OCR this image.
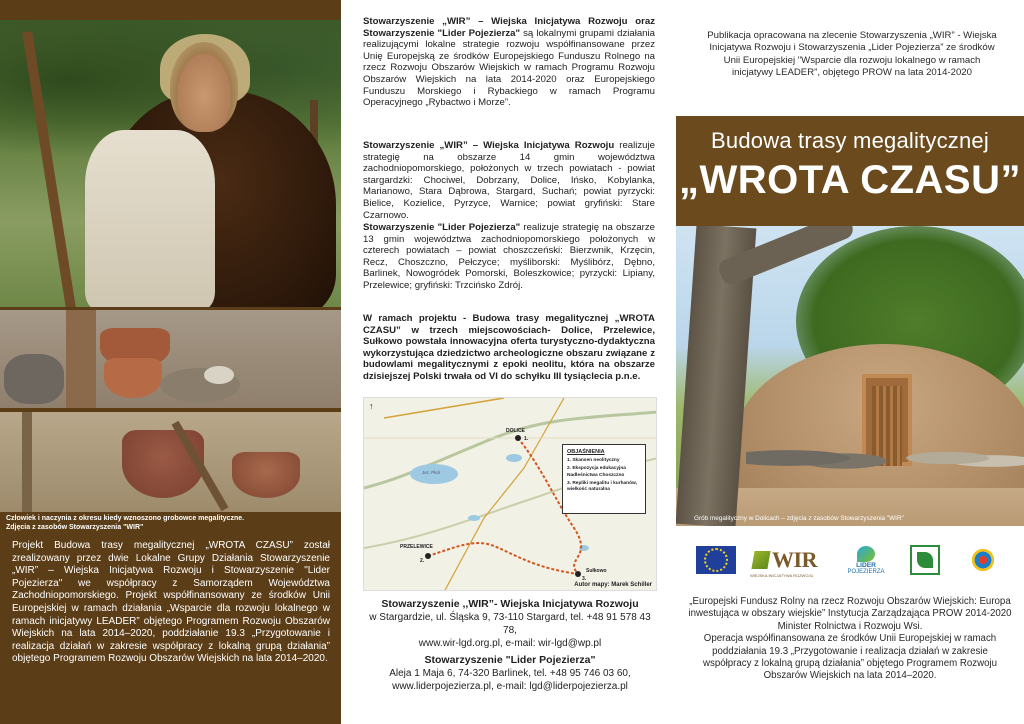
Człowiek i naczynia z okresu kiedy wznoszono grobowce megalityczne.
Zdjęcia z zasobów Stowarzyszenia "WIR"
Projekt Budowa trasy megalitycznej „WROTA CZASU” został zrealizowany przez dwie Lokalne Grupy Działania Stowarzyszenie „WIR” – Wiejska Inicjatywa Rozwoju i Stowarzyszenie "Lider Pojezierza" we współpracy z Samorządem Województwa Zachodniopomorskiego. Projekt współfinansowany ze środków Unii Europejskiej w ramach działania „Wsparcie dla rozwoju lokalnego w ramach inicjatywy LEADER” objętego Programem Rozwoju Obszarów Wiejskich na lata 2014–2020, poddziałanie 19.3 „Przygotowanie i realizacja działań w zakresie współpracy z lokalną grupą działania” objętego Programem Rozwoju Obszarów Wiejskich na lata 2014–2020.
Stowarzyszenie „WIR” – Wiejska Inicjatywa Rozwoju oraz Stowarzyszenie "Lider Pojezierza" są lokalnymi grupami działania realizującymi lokalne strategie rozwoju współfinansowane przez Unię Europejską ze środków Europejskiego Funduszu Rolnego na rzecz Rozwoju Obszarów Wiejskich w ramach Programu Rozwoju Obszarów Wiejskich na lata 2014-2020 oraz Europejskiego Funduszu Morskiego i Rybackiego w ramach Programu Operacyjnego „Rybactwo i Morze”.
Stowarzyszenie „WIR” – Wiejska Inicjatywa Rozwoju realizuje strategię na obszarze 14 gmin województwa zachodniopomorskiego, położonych w trzech powiatach - powiat stargardzki: Chociwel, Dobrzany, Dolice, Ińsko, Kobylanka, Marianowo, Stara Dąbrowa, Stargard, Suchań; powiat pyrzycki: Bielice, Kozielice, Pyrzyce, Warnice; powiat gryfiński: Stare Czarnowo.
Stowarzyszenie "Lider Pojezierza" realizuje strategię na obszarze 13 gmin województwa zachodniopomorskiego położonych w czterech powiatach – powiat choszczeński: Bierzwnik, Krzęcin, Recz, Choszczno, Pełczyce; myśliborski: Myślibórz, Dębno, Barlinek, Nowogródek Pomorski, Boleszkowice; pyrzycki: Lipiany, Przelewice; gryfiński: Trzcińsko Zdrój.
W ramach projektu - Budowa trasy megalitycznej „WROTA CZASU” w trzech miejscowościach- Dolice, Przelewice, Sułkowo powstała innowacyjna oferta turystyczno-dydaktyczna wykorzystująca dziedzictwo archeologiczne obszaru związane z budowlami megalitycznymi z epoki neolitu, która na obszarze dzisiejszej Polski trwała od VI do schyłku III tysiąclecia p.n.e.
↑
DOLICE
1.
PRZELEWICE
2.
Sułkowo
3.
Jez. Płoń
OBJAŚNIENIA
1. Skansen neolityczny
2. Ekspozycja edukacyjna Nadleśnictwa Choszczno
3. Repliki megalitu i kurhanów, wielkość naturalna
Autor mapy: Marek Schiller
Stowarzyszenie ,,WIR”- Wiejska Inicjatywa Rozwoju
w Stargardzie, ul. Śląska 9, 73-110 Stargard, tel. +48 91 578 43 78,
www.wir-lgd.org.pl, e-mail: wir-lgd@wp.pl
Stowarzyszenie "Lider Pojezierza"
Aleja 1 Maja 6, 74-320 Barlinek, tel. +48 95 746 03 60,
www.liderpojezierza.pl, e-mail: lgd@liderpojezierza.pl
Publikacja opracowana na zlecenie Stowarzyszenia „WIR” - Wiejska Inicjatywa Rozwoju i Stowarzyszenia „Lider Pojezierza” ze środków Unii Europejskiej "Wsparcie dla rozwoju lokalnego w ramach inicjatywy LEADER”, objętego PROW na lata 2014-2020
Budowa trasy megalitycznej
„WROTA CZASU”
Grób megalityczny w Dolicach – zdjęcia z zasobów Stowarzyszenia "WIR"
WIR
WIEJSKA INICJATYWA ROZWOJU
LIDER
POJEZIERZA
„Europejski Fundusz Rolny na rzecz Rozwoju Obszarów Wiejskich: Europa inwestująca w obszary wiejskie” Instytucja Zarządzająca PROW 2014-2020 Minister Rolnictwa i Rozwoju Wsi.
Operacja współfinansowana ze środków Unii Europejskiej w ramach poddziałania 19.3 „Przygotowanie i realizacja działań w zakresie współpracy z lokalną grupą działania” objętego Programem Rozwoju Obszarów Wiejskich na lata 2014–2020.
